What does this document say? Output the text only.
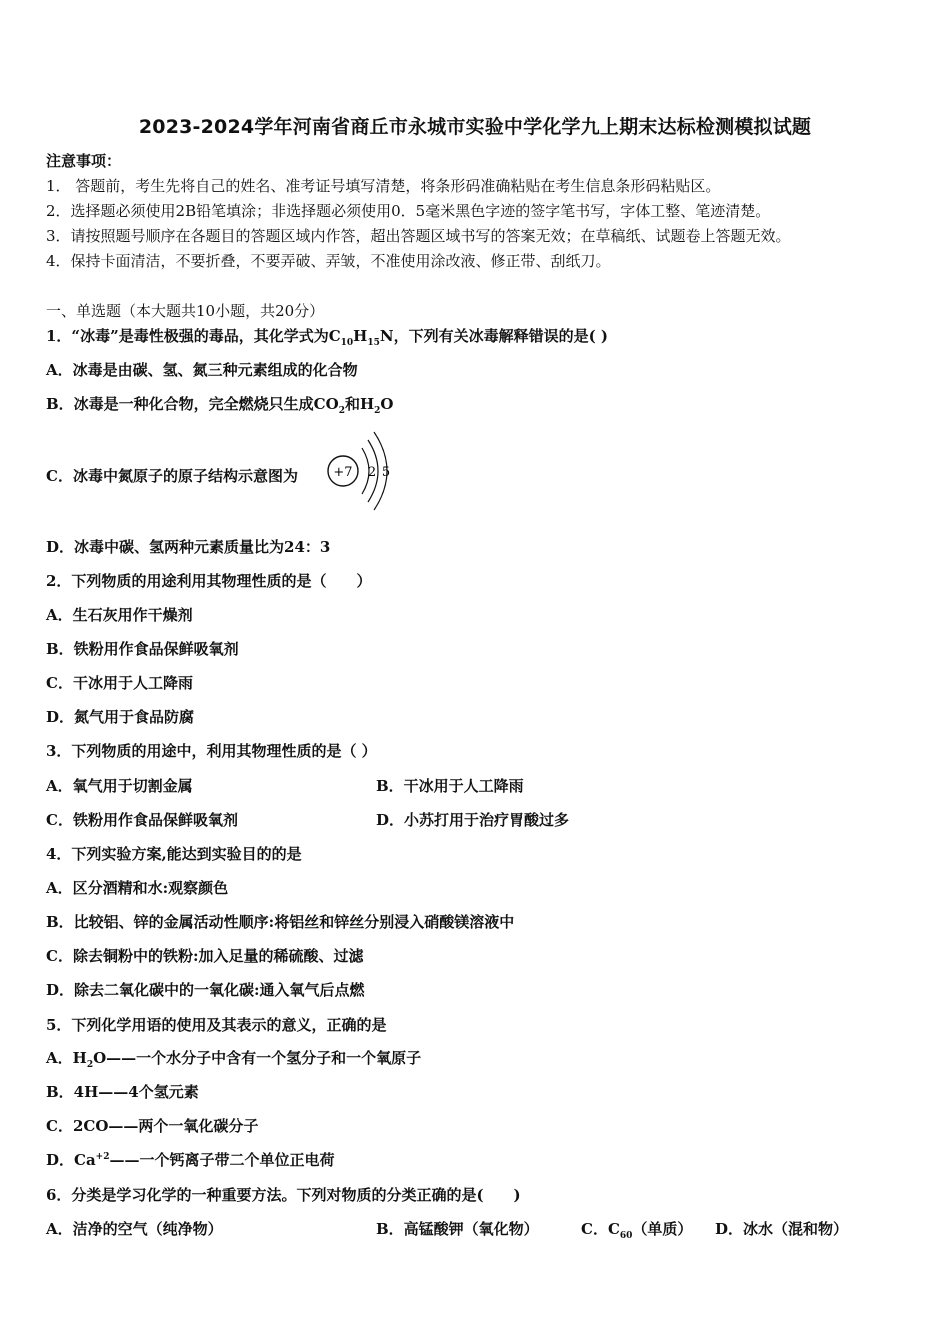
2023-2024学年河南省商丘市永城市实验中学化学九上期末达标检测模拟试题
注意事项：
1． 答题前，考生先将自己的姓名、准考证号填写清楚，将条形码准确粘贴在考生信息条形码粘贴区。
2．选择题必须使用2B铅笔填涂；非选择题必须使用0．5毫米黑色字迹的签字笔书写，字体工整、笔迹清楚。
3．请按照题号顺序在各题目的答题区域内作答，超出答题区域书写的答案无效；在草稿纸、试题卷上答题无效。
4．保持卡面清洁，不要折叠，不要弄破、弄皱，不准使用涂改液、修正带、刮纸刀。
一、单选题（本大题共10小题，共20分）
1．“冰毒”是毒性极强的毒品，其化学式为$C_{10}H_{15}N$，下列有关冰毒解释错误的是( )
A．冰毒是由碳、氢、氮三种元素组成的化合物
B．冰毒是一种化合物，完全燃烧只生成$CO_2$和$H_2O$
C．冰毒中氮原子的原子结构示意图为	+7 2 5
D．冰毒中碳、氢两种元素质量比为24：3
2．下列物质的用途利用其物理性质的是（　　）
A．生石灰用作干燥剂
B．铁粉用作食品保鲜吸氧剂
C．干冰用于人工降雨
D．氮气用于食品防腐
3．下列物质的用途中，利用其物理性质的是（ ）
A．氧气用于切割金属	B．干冰用于人工降雨
C．铁粉用作食品保鲜吸氧剂	D．小苏打用于治疗胃酸过多
4．下列实验方案,能达到实验目的的是
A．区分酒精和水:观察颜色
B．比较铝、锌的金属活动性顺序:将铝丝和锌丝分别浸入硝酸镁溶液中
C．除去铜粉中的铁粉:加入足量的稀硫酸、过滤
D．除去二氧化碳中的一氧化碳:通入氧气后点燃
5．下列化学用语的使用及其表示的意义，正确的是
A．$H_2O——$一个水分子中含有一个氢分子和一个氧原子
B．4H——4个氢元素
C．2CO——两个一氧化碳分子
D．$Ca^{+2}——$一个钙离子带二个单位正电荷
6．分类是学习化学的一种重要方法。下列对物质的分类正确的是(　　)
A．洁净的空气（纯净物）	B．高锰酸钾（氧化物）	C．$C_{60}$（单质） D．冰水（混和物）
